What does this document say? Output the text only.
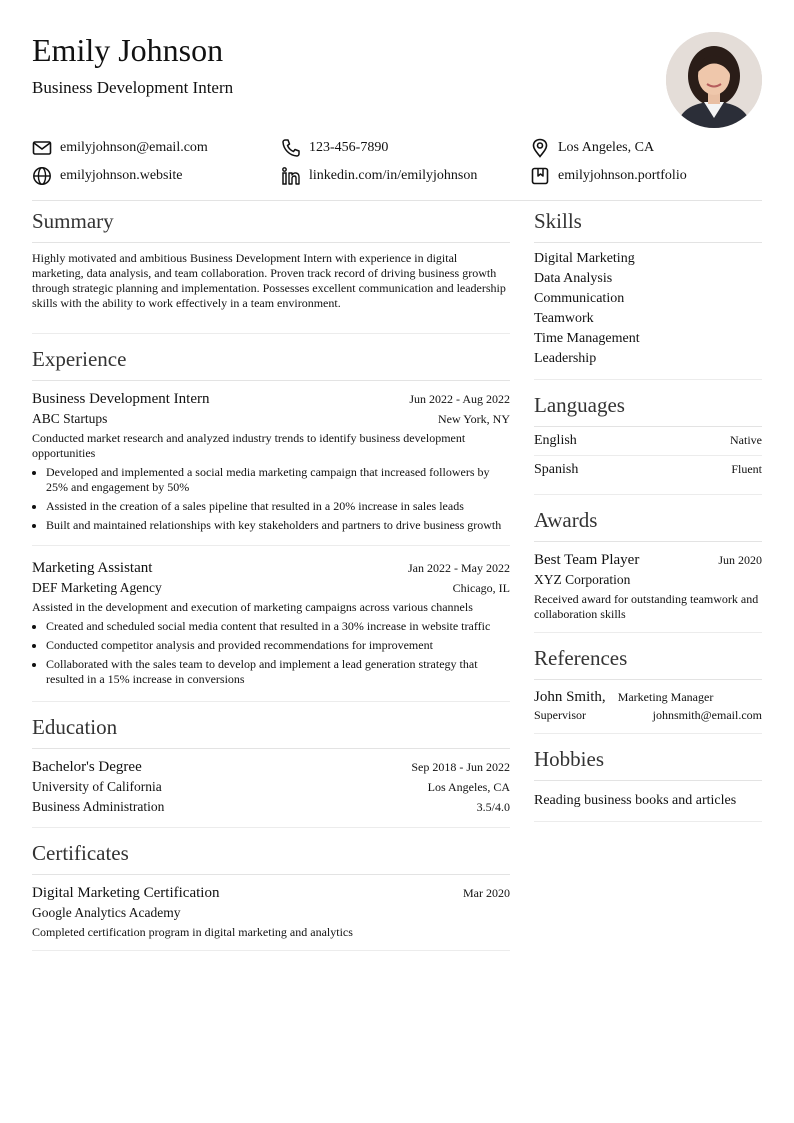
Emily Johnson
Business Development Intern
emilyjohnson@email.com	123-456-7890	Los Angeles, CA
emilyjohnson.website	linkedin.com/in/emilyjohnson	emilyjohnson.portfolio
Summary
Highly motivated and ambitious Business Development Intern with experience in digital marketing, data analysis, and team collaboration. Proven track record of driving business growth through strategic planning and implementation. Possesses excellent communication and leadership skills with the ability to work effectively in a team environment.
Experience
Business Development Intern	Jun 2022 - Aug 2022
ABC Startups	New York, NY
Conducted market research and analyzed industry trends to identify business development opportunities
• Developed and implemented a social media marketing campaign that increased followers by 25% and engagement by 50%
• Assisted in the creation of a sales pipeline that resulted in a 20% increase in sales leads
• Built and maintained relationships with key stakeholders and partners to drive business growth
Marketing Assistant	Jan 2022 - May 2022
DEF Marketing Agency	Chicago, IL
Assisted in the development and execution of marketing campaigns across various channels
• Created and scheduled social media content that resulted in a 30% increase in website traffic
• Conducted competitor analysis and provided recommendations for improvement
• Collaborated with the sales team to develop and implement a lead generation strategy that resulted in a 15% increase in conversions
Education
Bachelor's Degree	Sep 2018 - Jun 2022
University of California	Los Angeles, CA
Business Administration	3.5/4.0
Certificates
Digital Marketing Certification	Mar 2020
Google Analytics Academy
Completed certification program in digital marketing and analytics
Skills
Digital Marketing
Data Analysis
Communication
Teamwork
Time Management
Leadership
Languages
English	Native
Spanish	Fluent
Awards
Best Team Player	Jun 2020
XYZ Corporation
Received award for outstanding teamwork and collaboration skills
References
John Smith, Marketing Manager
Supervisor	johnsmith@email.com
Hobbies
Reading business books and articles
